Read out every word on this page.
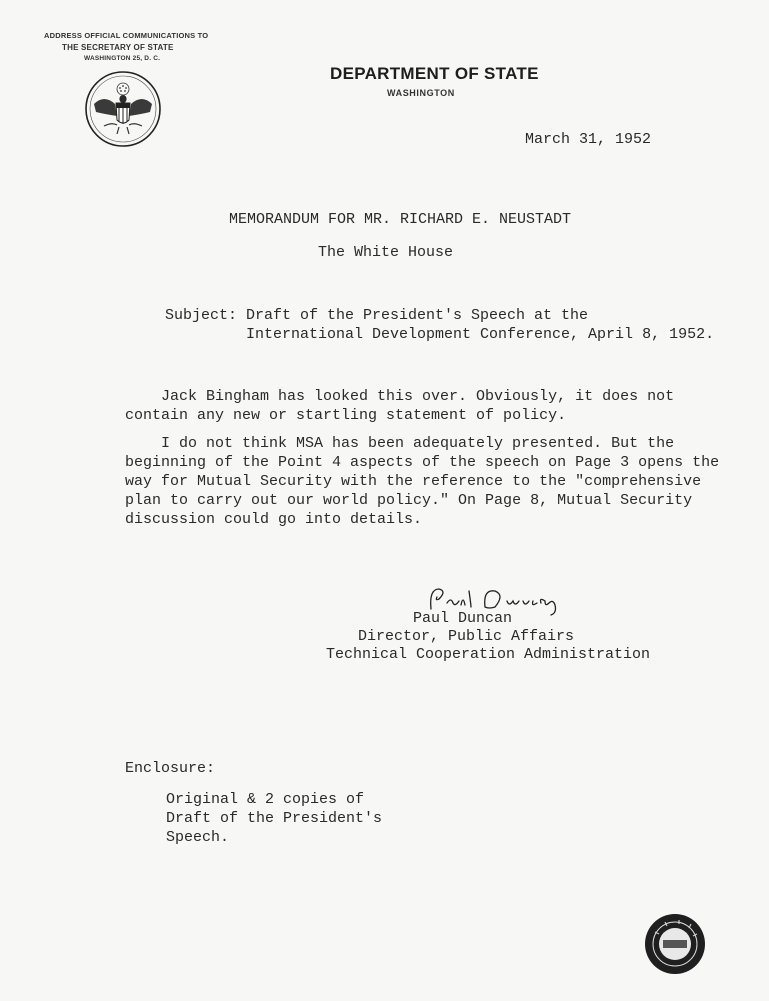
ADDRESS OFFICIAL COMMUNICATIONS TO
THE SECRETARY OF STATE
WASHINGTON 25, D. C.
DEPARTMENT OF STATE
WASHINGTON
March 31, 1952
MEMORANDUM FOR MR. RICHARD E. NEUSTADT
The White House
Subject: Draft of the President's Speech at the
International Development Conference, April 8, 1952.
Jack Bingham has looked this over. Obviously, it does not
contain any new or startling statement of policy.
I do not think MSA has been adequately presented. But the
beginning of the Point 4 aspects of the speech on Page 3 opens the
way for Mutual Security with the reference to the "comprehensive
plan to carry out our world policy." On Page 8, Mutual Security
discussion could go into details.
Paul Duncan
Director, Public Affairs
Technical Cooperation Administration
Enclosure:
Original & 2 copies of
Draft of the President's
Speech.
